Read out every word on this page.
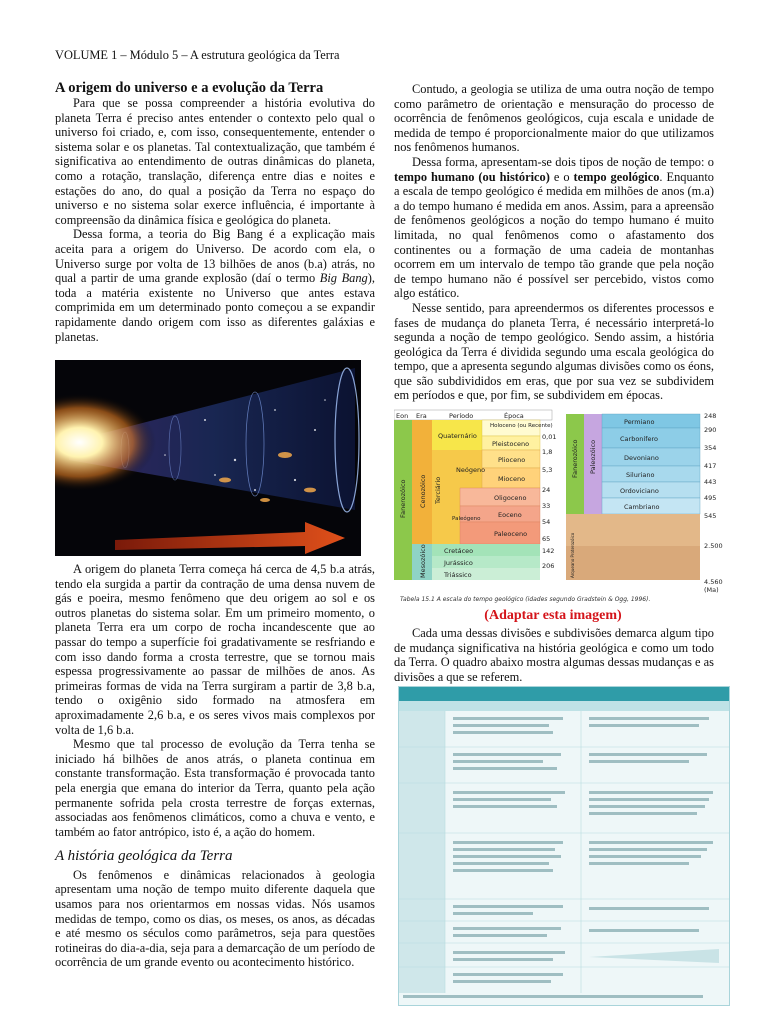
VOLUME 1 – Módulo 5 – A estrutura geológica da Terra
A origem do universo e a evolução da Terra

Para que se possa compreender a história evolutiva do planeta Terra é preciso antes entender o contexto pelo qual o universo foi criado, e, com isso, consequentemente, entender o sistema solar e os planetas. Tal contextualização, que também é significativa ao entendimento de outras dinâmicas do planeta, como a rotação, translação, diferença entre dias e noites e estações do ano, do qual a posição da Terra no espaço do universo e no sistema solar exerce influência, é importante à compreensão da dinâmica física e geológica do planeta.

Dessa forma, a teoria do Big Bang é a explicação mais aceita para a origem do Universo. De acordo com ela, o Universo surge por volta de 13 bilhões de anos (b.a) atrás, no qual a partir de uma grande explosão (daí o termo Big Bang), toda a matéria existente no Universo que antes estava comprimida em um determinado ponto começou a se expandir rapidamente dando origem com isso as diferentes galáxias e planetas.

A origem do planeta Terra começa há cerca de 4,5 b.a atrás, tendo ela surgida a partir da contração de uma densa nuvem de gás e poeira, mesmo fenômeno que deu origem ao sol e os outros planetas do sistema solar. Em um primeiro momento, o planeta Terra era um corpo de rocha incandescente que ao passar do tempo a superfície foi gradativamente se resfriando e com isso dando forma a crosta terrestre, que se tornou mais espessa progressivamente ao passar de milhões de anos. As primeiras formas de vida na Terra surgiram a partir de 3,8 b.a, tendo o oxigênio sido formado na atmosfera em aproximadamente 2,6 b.a, e os seres vivos mais complexos por volta de 1,6 b.a.

Mesmo que tal processo de evolução da Terra tenha se iniciado há bilhões de anos atrás, o planeta continua em constante transformação. Esta transformação é provocada tanto pela energia que emana do interior da Terra, quanto pela ação permanente sofrida pela crosta terrestre de forças externas, associadas aos fenômenos climáticos, como a chuva e vento, e também ao fator antrópico, isto é, a ação do homem.

A história geológica da Terra

Os fenômenos e dinâmicas relacionados à geologia apresentam uma noção de tempo muito diferente daquela que usamos para nos orientarmos em nossas vidas. Nós usamos medidas de tempo, como os dias, os meses, os anos, as décadas e até mesmo os séculos como parâmetros, seja para questões rotineiras do dia-a-dia, seja para a demarcação de um período de ocorrência de um grande evento ou acontecimento histórico.

Contudo, a geologia se utiliza de uma outra noção de tempo como parâmetro de orientação e mensuração do processo de ocorrência de fenômenos geológicos, cuja escala e unidade de medida de tempo é proporcionalmente maior do que utilizamos nos fenômenos humanos.

Dessa forma, apresentam-se dois tipos de noção de tempo: o tempo humano (ou histórico) e o tempo geológico. Enquanto a escala de tempo geológico é medida em milhões de anos (m.a) a do tempo humano é medida em anos. Assim, para a apreensão de fenômenos geológicos a noção do tempo humano é muito limitada, no qual fenômenos como o afastamento dos continentes ou a formação de uma cadeia de montanhas ocorrem em um intervalo de tempo tão grande que pela noção de tempo humano não é possível ser percebido, vistos como algo estático.

Nesse sentido, para apreendermos os diferentes processos e fases de mudança do planeta Terra, é necessário interpretá-lo segunda a noção de tempo geológico. Sendo assim, a história geológica da Terra é dividida segundo uma escala geológica do tempo, que a apresenta segundo algumas divisões como os éons, que são subdivididos em eras, que por sua vez se subdividem em períodos e que, por fim, se subdividem em épocas.

Eon Era	Período	Época
Fanerozóico Cenozóico
Mesozóico
Quaternário
Terciário
Neógeno
Paleógeno
Cretáceo
Jurássico
Triássico
Holoceno (ou Recente)
Pleistoceno
Plioceno
Mioceno
Oligoceno
Eoceno
Paleoceno
0,01
1,8
5,3
24
33
54
65
142
206
Fanerozóico Paleozóico
Arqueano Proterozóico
Permiano
Carbonífero
Devoniano
Siluriano
Ordoviciano
Cambriano
248
290
354
417
443
495
545
2.500
4.560
(Ma)
Tabela 15.1 A escala do tempo geológico (idades segundo Gradstein & Ogg, 1996).
(Adaptar esta imagem)

Cada uma dessas divisões e subdivisões demarca algum tipo de mudança significativa na história geológica e como um todo da Terra. O quadro abaixo mostra algumas dessas mudanças e as divisões a que se referem.
